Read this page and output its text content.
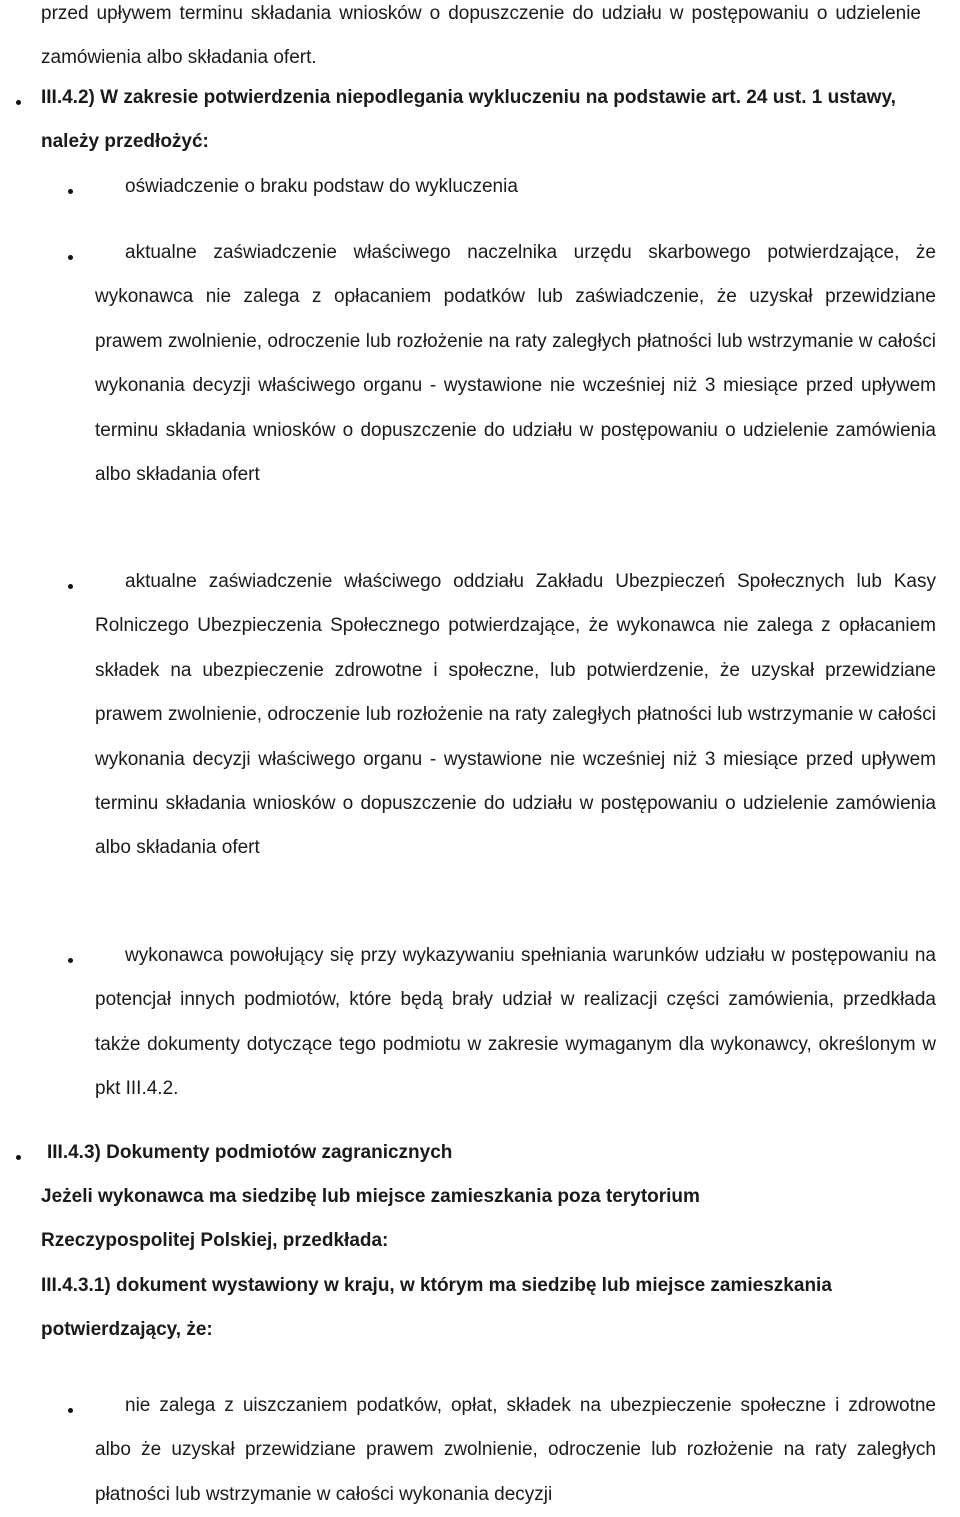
przed upływem terminu składania wniosków o dopuszczenie do udziału w postępowaniu o udzielenie zamówienia albo składania ofert.
III.4.2) W zakresie potwierdzenia niepodlegania wykluczeniu na podstawie art. 24 ust. 1 ustawy, należy przedłożyć:
oświadczenie o braku podstaw do wykluczenia
aktualne zaświadczenie właściwego naczelnika urzędu skarbowego potwierdzające, że wykonawca nie zalega z opłacaniem podatków lub zaświadczenie, że uzyskał przewidziane prawem zwolnienie, odroczenie lub rozłożenie na raty zaległych płatności lub wstrzymanie w całości wykonania decyzji właściwego organu - wystawione nie wcześniej niż 3 miesiące przed upływem terminu składania wniosków o dopuszczenie do udziału w postępowaniu o udzielenie zamówienia albo składania ofert
aktualne zaświadczenie właściwego oddziału Zakładu Ubezpieczeń Społecznych lub Kasy Rolniczego Ubezpieczenia Społecznego potwierdzające, że wykonawca nie zalega z opłacaniem składek na ubezpieczenie zdrowotne i społeczne, lub potwierdzenie, że uzyskał przewidziane prawem zwolnienie, odroczenie lub rozłożenie na raty zaległych płatności lub wstrzymanie w całości wykonania decyzji właściwego organu - wystawione nie wcześniej niż 3 miesiące przed upływem terminu składania wniosków o dopuszczenie do udziału w postępowaniu o udzielenie zamówienia albo składania ofert
wykonawca powołujący się przy wykazywaniu spełniania warunków udziału w postępowaniu na potencjał innych podmiotów, które będą brały udział w realizacji części zamówienia, przedkłada także dokumenty dotyczące tego podmiotu w zakresie wymaganym dla wykonawcy, określonym w pkt III.4.2.
III.4.3) Dokumenty podmiotów zagranicznych
Jeżeli wykonawca ma siedzibę lub miejsce zamieszkania poza terytorium Rzeczypospolitej Polskiej, przedkłada:
III.4.3.1) dokument wystawiony w kraju, w którym ma siedzibę lub miejsce zamieszkania potwierdzający, że:
nie zalega z uiszczaniem podatków, opłat, składek na ubezpieczenie społeczne i zdrowotne albo że uzyskał przewidziane prawem zwolnienie, odroczenie lub rozłożenie na raty zaległych płatności lub wstrzymanie w całości wykonania decyzji
